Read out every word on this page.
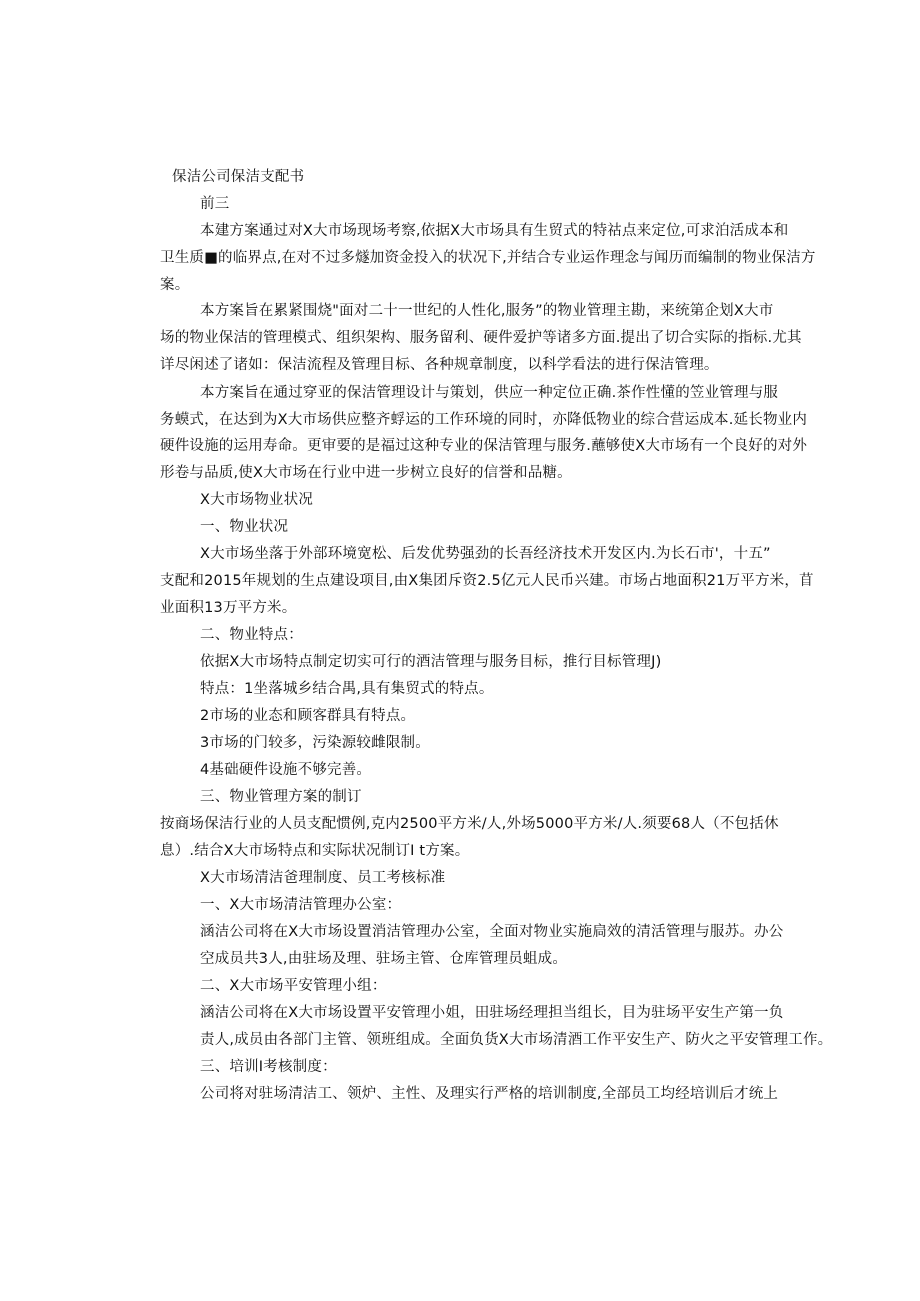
保洁公司保洁支配书
前三
本建方案通过对X大市场现场考察,依据X大市场具有生贸式的特祜点来定位,可求泊活成本和
卫生质■的临界点,在对不过多燧加资金投入的状况下,并结合专业运作理念与闻历而编制的物业保洁方
案。
本方案旨在累紧围烧"面对二十一世纪的人性化,服务”的物业管理主勘，来统第企划X大市
场的物业保洁的管理模式、组织架构、服务留利、硬件爱护等诸多方面.提出了切合实际的指标.尤其
详尽闲述了诸如：保洁流程及管理目标、各种规章制度，以科学看法的进行保洁管理。
本方案旨在通过穿亚的保洁管理设计与策划，供应一种定位正确.茶作性懂的笠业管理与服
务蟆式，在达到为X大市场供应整齐蜉运的工作环境的同时，亦降低物业的综合营运成本.延长物业内
硬件设施的运用寿命。更审要的是福过这种专业的保洁管理与服务.蘸够使X大市场有一个良好的对外
形卷与品质,使X大市场在行业中进一步树立良好的信誉和品糖。
X大市场物业状况
一、物业状况
X大市场坐落于外部环境宽松、后发优势强劲的长吾经济技术开发区内.为长石市'，十五”
支配和2015年规划的生点建设项目,由X集团斥资2.5亿元人民币兴建。市场占地面积21万平方米，苜
业面积13万平方米。
二、物业特点：
依据X大市场特点制定切实可行的酒洁管理与服务目标，推行目标管理J)
特点：1坐落城乡结合禺,具有集贸式的特点。
2市场的业态和顾客群具有特点。
3市场的门较多，污染源较雌限制。
4基础硬件设施不够完善。
三、物业管理方案的制订
按商场保洁行业的人员支配惯例,克内2500平方米/人,外场5000平方米/人.须要68人（不包括休
息）.结合X大市场特点和实际状况制订I t方案。
X大市场清洁爸理制度、员工考核标准
一、X大市场清洁管理办公室：
涵洁公司将在X大市场设置消洁管理办公室，全面对物业实施扃效的清活管理与服苏。办公
空成员共3人,由驻场及理、驻场主管、仓库管理员蛆成。
二、X大市场平安管理小组：
涵洁公司将在X大市场设置平安管理小姐，田驻场经理担当组长，目为驻场平安生产第一负
责人,成员由各部门主管、领班组成。全面负货X大市场清酒工作平安生产、防火之平安管理工作。
三、培训I考核制度：
公司将对驻场清洁工、领炉、主性、及理实行严格的培训制度,全部员工均经培训后才统上
